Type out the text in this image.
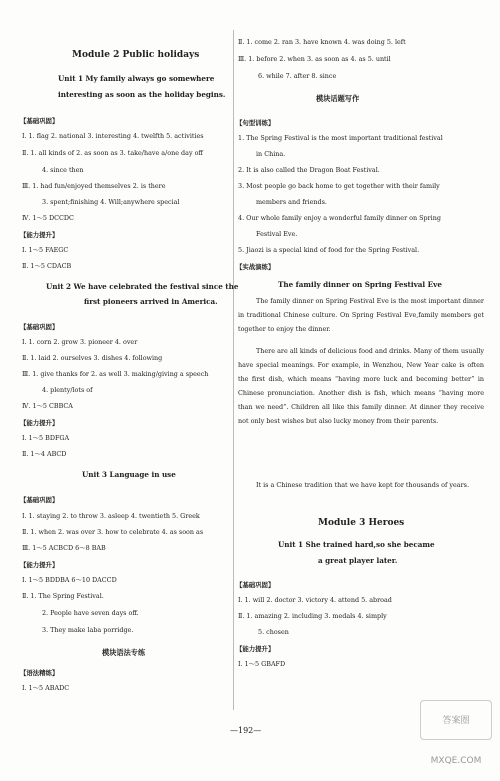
Module 2 Public holidays
Unit 1 My family always go somewhere
interesting as soon as the holiday begins.
【基础巩固】
Ⅰ. 1. flag 2. national 3. interesting 4. twelfth 5. activities
Ⅱ. 1. all kinds of 2. as soon as 3. take/have a/one day off
4. since then
Ⅲ. 1. had fun/enjoyed themselves 2. is there
3. spent;finishing 4. Will;anywhere special
Ⅳ. 1～5 DCCDC
【能力提升】
Ⅰ. 1～5 FAEGC
Ⅱ. 1～5 CDACB
Unit 2 We have celebrated the festival since the
first pioneers arrived in America.
【基础巩固】
Ⅰ. 1. corn 2. grow 3. pioneer 4. over
Ⅱ. 1. laid 2. ourselves 3. dishes 4. following
Ⅲ. 1. give thanks for 2. as well 3. making/giving a speech
4. plenty/lots of
Ⅳ. 1～5 CBBCA
【能力提升】
Ⅰ. 1～5 BDFGA
Ⅱ. 1～4 ABCD
Unit 3 Language in use
【基础巩固】
Ⅰ. 1. staying 2. to throw 3. asleep 4. twentieth 5. Greek
Ⅱ. 1. when 2. was over 3. how to celebrate 4. as soon as
Ⅲ. 1～5 ACBCD 6～8 BAB
【能力提升】
Ⅰ. 1～5 BDDBA 6～10 DACCD
Ⅱ. 1. The Spring Festival.
2. People have seven days off.
3. They make laba porridge.
模块语法专练
【语法精练】
Ⅰ. 1～5 ABADC
Ⅱ. 1. come 2. ran 3. have known 4. was doing 5. left
Ⅲ. 1. before 2. when 3. as soon as 4. as 5. until
6. while 7. after 8. since
模块话题写作
【句型训练】
1. The Spring Festival is the most important traditional festival
in China.
2. It is also called the Dragon Boat Festival.
3. Most people go back home to get together with their family
members and friends.
4. Our whole family enjoy a wonderful family dinner on Spring
Festival Eve.
5. Jiaozi is a special kind of food for the Spring Festival.
【实战演练】
The family dinner on Spring Festival Eve
The family dinner on Spring Festival Eve is the most important dinner in traditional Chinese culture. On Spring Festival Eve,family members get together to enjoy the dinner.
There are all kinds of delicious food and drinks. Many of them usually have special meanings. For example, in Wenzhou, New Year cake is often the first dish, which means “having more luck and becoming better” in Chinese pronunciation. Another dish is fish, which means “having more than we need”. Children all like this family dinner. At dinner they receive not only best wishes but also lucky money from their parents.
It is a Chinese tradition that we have kept for thousands of years.
Module 3 Heroes
Unit 1 She trained hard,so she became
a great player later.
【基础巩固】
Ⅰ. 1. will 2. doctor 3. victory 4. attend 5. abroad
Ⅱ. 1. amazing 2. including 3. medals 4. simply
5. chosen
【能力提升】
Ⅰ. 1～5 GBAFD
—192—
答案圈 MXQE.COM
